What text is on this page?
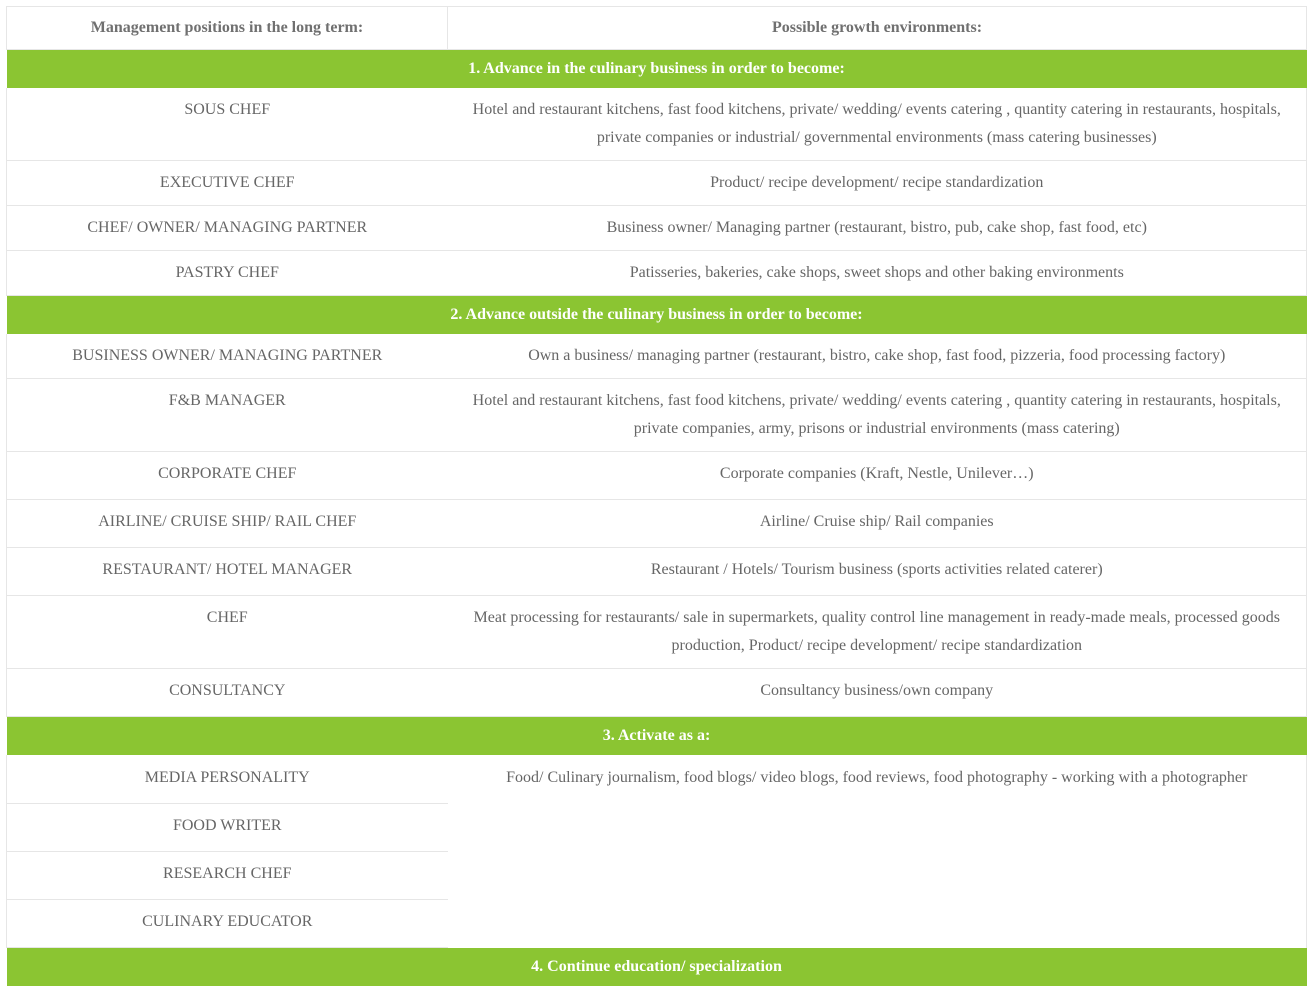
Management positions in the long term:	Possible growth environments:
1. Advance in the culinary business in order to become:	
SOUS CHEF	Hotel and restaurant kitchens, fast food kitchens, private/ wedding/ events catering , quantity catering in restaurants, hospitals, private companies or industrial/ governmental environments (mass catering businesses)
EXECUTIVE CHEF	Product/ recipe development/ recipe standardization
CHEF/ OWNER/ MANAGING PARTNER	Business owner/ Managing partner (restaurant, bistro, pub, cake shop, fast food, etc)
PASTRY CHEF	Patisseries, bakeries, cake shops, sweet shops and other baking environments
2. Advance outside the culinary business in order to become:	
BUSINESS OWNER/ MANAGING PARTNER	Own a business/ managing partner (restaurant, bistro, cake shop, fast food, pizzeria, food processing factory)
F&B MANAGER	Hotel and restaurant kitchens, fast food kitchens, private/ wedding/ events catering , quantity catering in restaurants, hospitals, private companies, army, prisons or industrial environments (mass catering)
CORPORATE CHEF	Corporate companies (Kraft, Nestle, Unilever…)
AIRLINE/ CRUISE SHIP/ RAIL CHEF	Airline/ Cruise ship/ Rail companies
RESTAURANT/ HOTEL MANAGER	Restaurant / Hotels/ Tourism business (sports activities related caterer)
CHEF	Meat processing for restaurants/ sale in supermarkets, quality control line management in ready-made meals, processed goods production, Product/ recipe development/ recipe standardization
CONSULTANCY	Consultancy business/own company
3. Activate as a:	
MEDIA PERSONALITY	Food/ Culinary journalism, food blogs/ video blogs, food reviews, food photography - working with a photographer
FOOD WRITER	
RESEARCH CHEF	
CULINARY EDUCATOR	
4. Continue education/ specialization	
